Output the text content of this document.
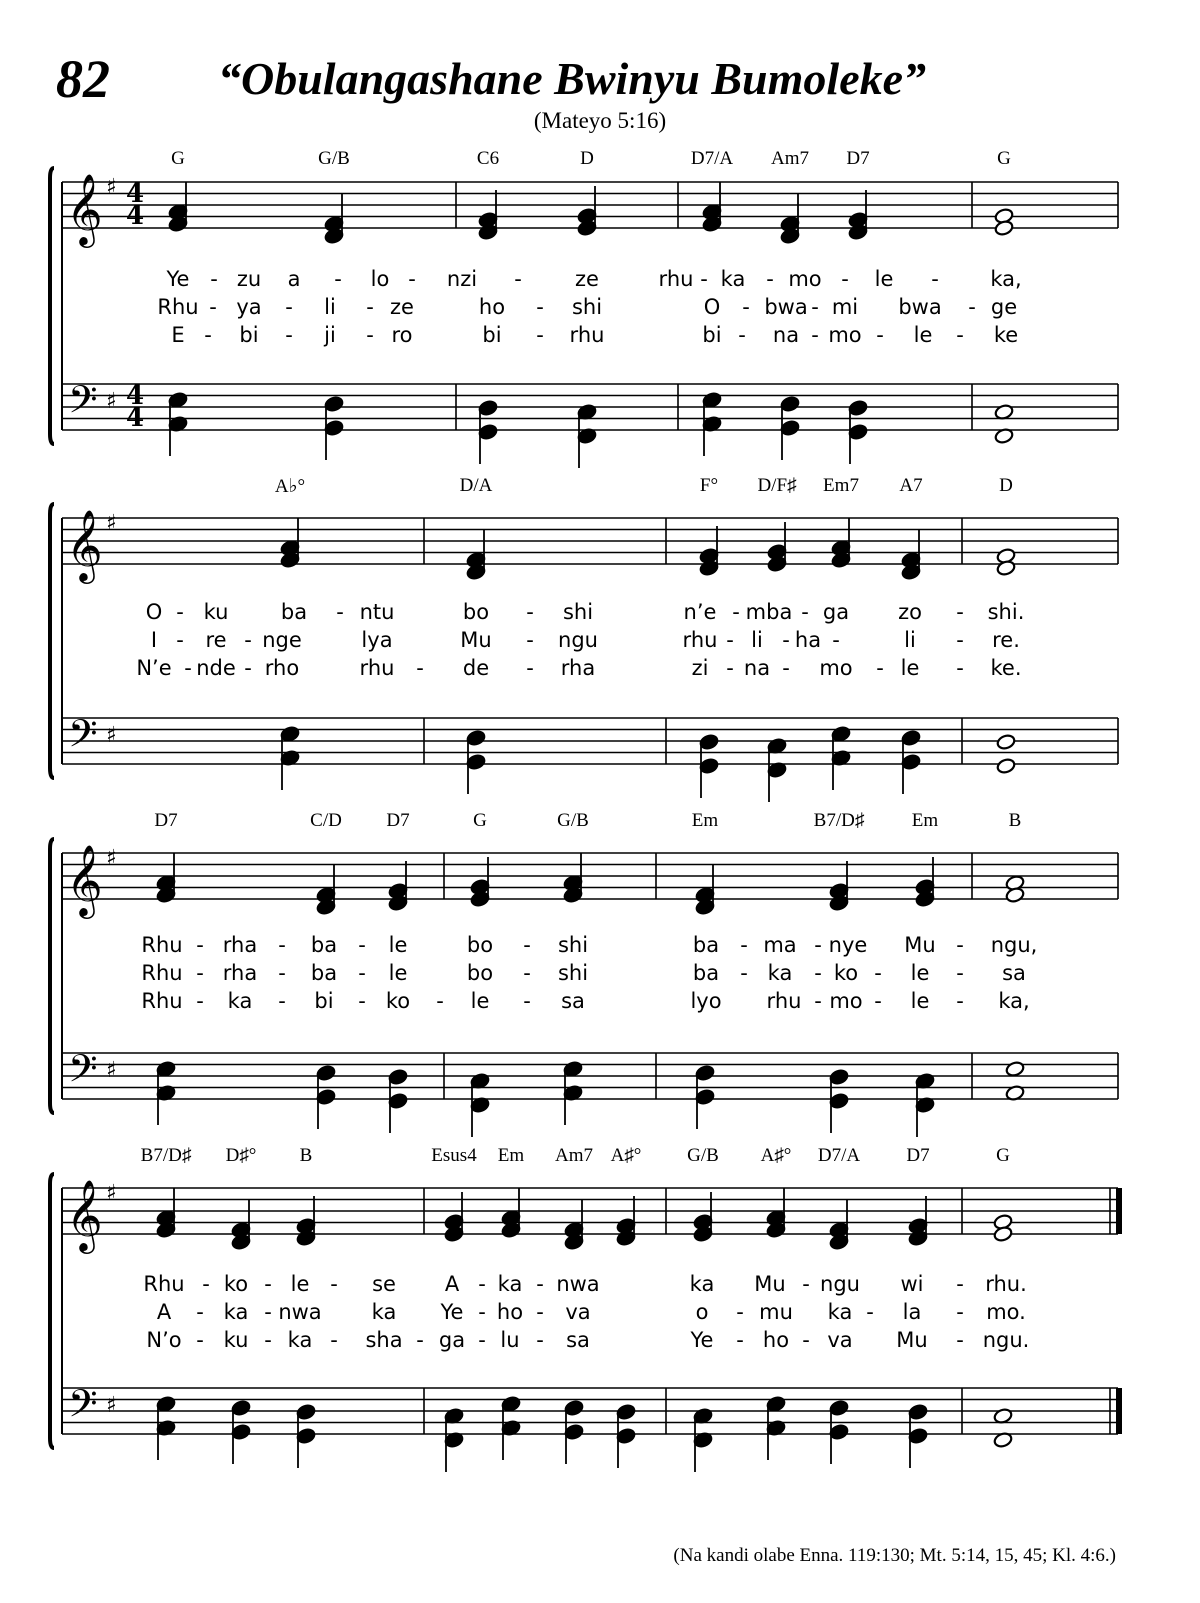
82 “Obulangashane Bwinyu Bumoleke”
(Mateyo 5:16)
𝄞
𝄢
♯
♯
4
4
4
4
𝄞
𝄢
♯
♯
𝄞
𝄢
♯
♯
𝄞
𝄢
♯
♯
G	G/B	C6	D	D7/A Am7 D7	G
Ye - zu a - lo - nzi -	ze	rhu - ka - mo - le - ka,
Rhu - ya - li - ze	ho - shi	O - bwa - mi bwa - ge
E - bi - ji - ro	bi - rhu	bi - na - mo - le - ke
A♭°	D/A	F° D/F♯ Em7 A7	D
O - ku ba - ntu	bo - shi	n’e - mba - ga zo - shi.
I - re - nge	lya	Mu - ngu	rhu - li - ha -	li - re.
N’e - nde - rho	rhu - de - rha	zi - na - mo - le - ke.
D7	C/D D7	G	G/B	Em	B7/D♯ Em	B
Rhu - rha - ba - le	bo - shi	ba - ma - nye Mu - ngu,
Rhu - rha - ba - le	bo - shi	ba - ka - ko - le - sa
Rhu - ka - bi - ko - le - sa	lyo rhu - mo - le - ka,
B7/D♯ D♯° B	Esus4 Em Am7 A♯° G/B A♯° D7/A D7	G
Rhu - ko - le - se A - ka - nwa	ka Mu - ngu wi - rhu.
A - ka - nwa ka Ye - ho - va	o - mu ka - la - mo.
N’o - ku - ka - sha - ga - lu - sa	Ye - ho - va Mu - ngu.
(Na kandi olabe Enna. 119:130; Mt. 5:14, 15, 45; Kl. 4:6.)
